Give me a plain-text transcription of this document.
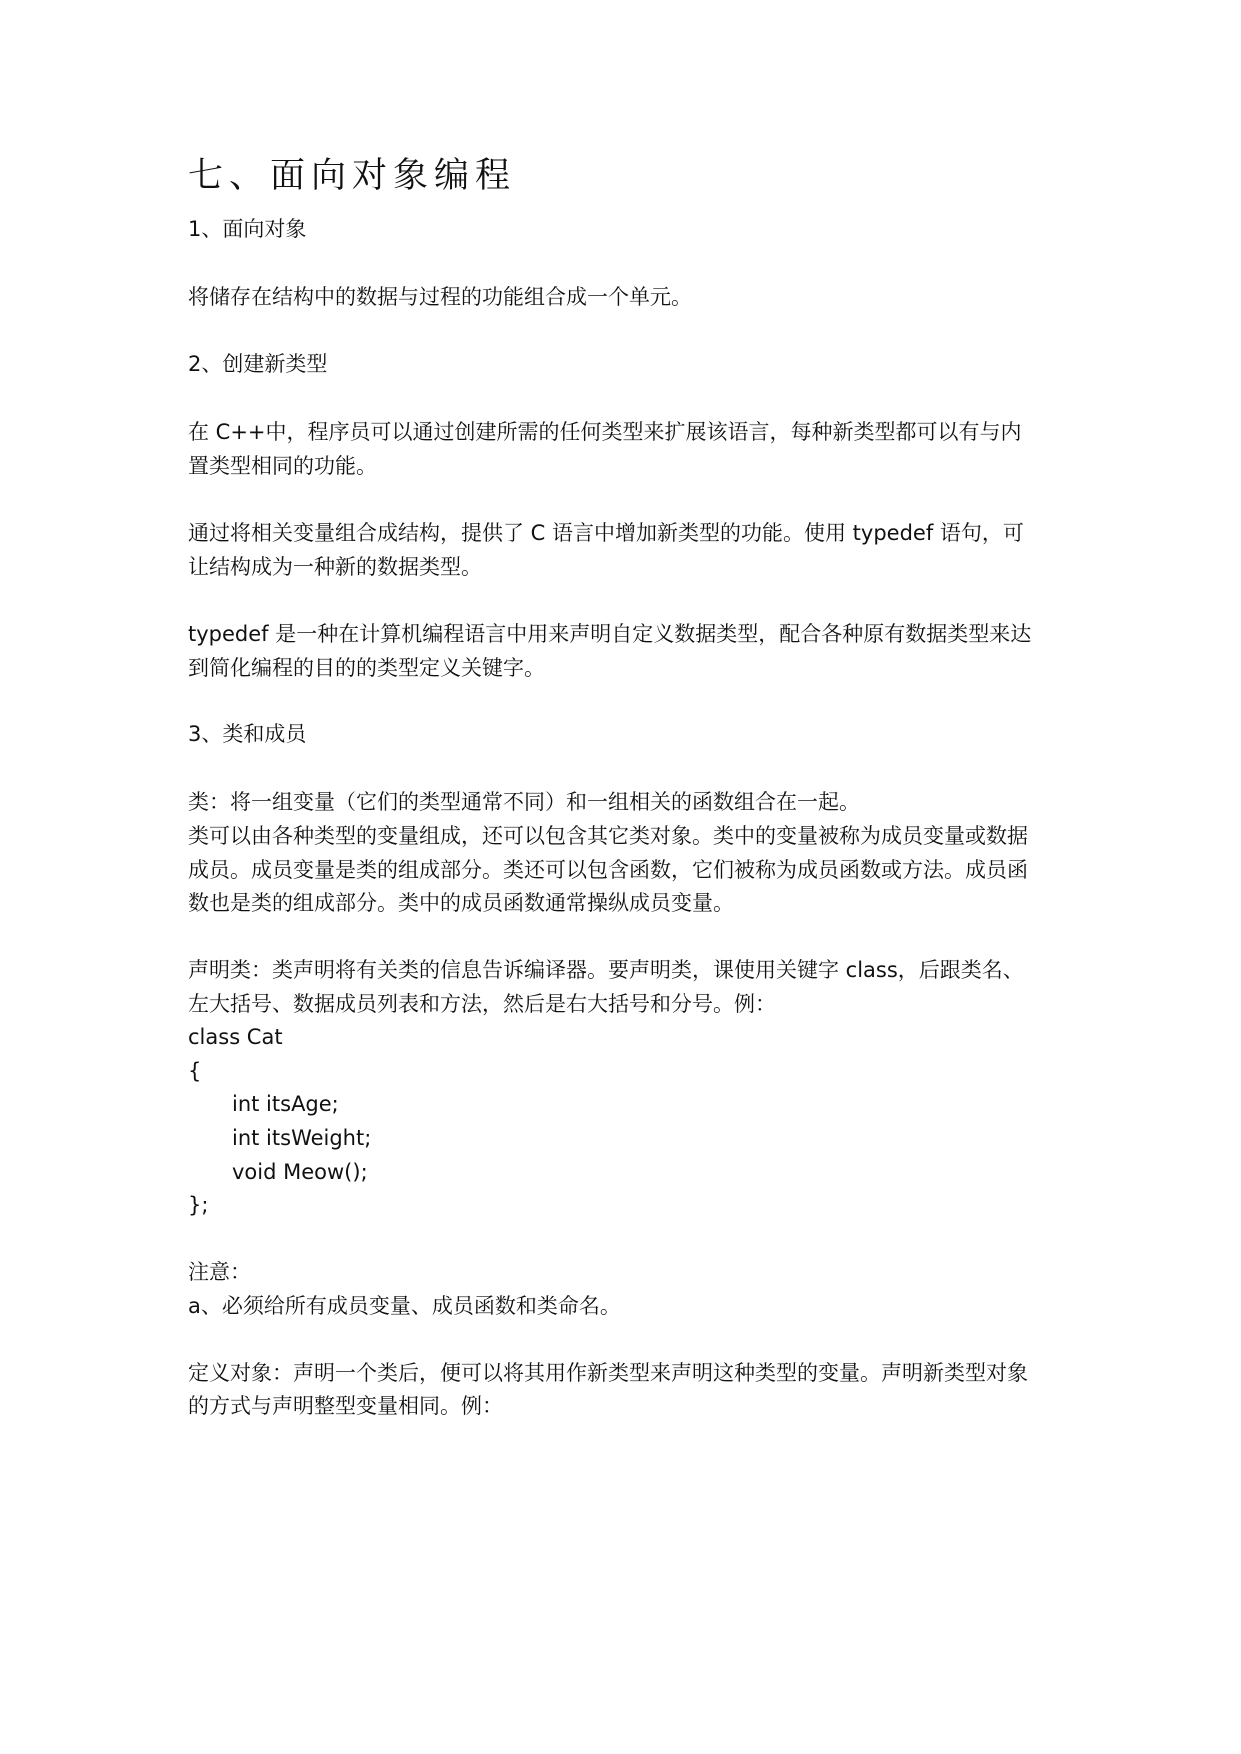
七、面向对象编程

1、面向对象

将储存在结构中的数据与过程的功能组合成一个单元。

2、创建新类型

在 C++中，程序员可以通过创建所需的任何类型来扩展该语言，每种新类型都可以有与内

置类型相同的功能。

通过将相关变量组合成结构，提供了 C 语言中增加新类型的功能。使用 typedef 语句，可

让结构成为一种新的数据类型。

typedef 是一种在计算机编程语言中用来声明自定义数据类型，配合各种原有数据类型来达

到简化编程的目的的类型定义关键字。

3、类和成员

类：将一组变量（它们的类型通常不同）和一组相关的函数组合在一起。

类可以由各种类型的变量组成，还可以包含其它类对象。类中的变量被称为成员变量或数据

成员。成员变量是类的组成部分。类还可以包含函数，它们被称为成员函数或方法。成员函

数也是类的组成部分。类中的成员函数通常操纵成员变量。

声明类：类声明将有关类的信息告诉编译器。要声明类，课使用关键字 class，后跟类名、

左大括号、数据成员列表和方法，然后是右大括号和分号。例：

class Cat

{

int itsAge;

int itsWeight;

void Meow();

};

注意：

a、必须给所有成员变量、成员函数和类命名。

定义对象：声明一个类后，便可以将其用作新类型来声明这种类型的变量。声明新类型对象

的方式与声明整型变量相同。例：
